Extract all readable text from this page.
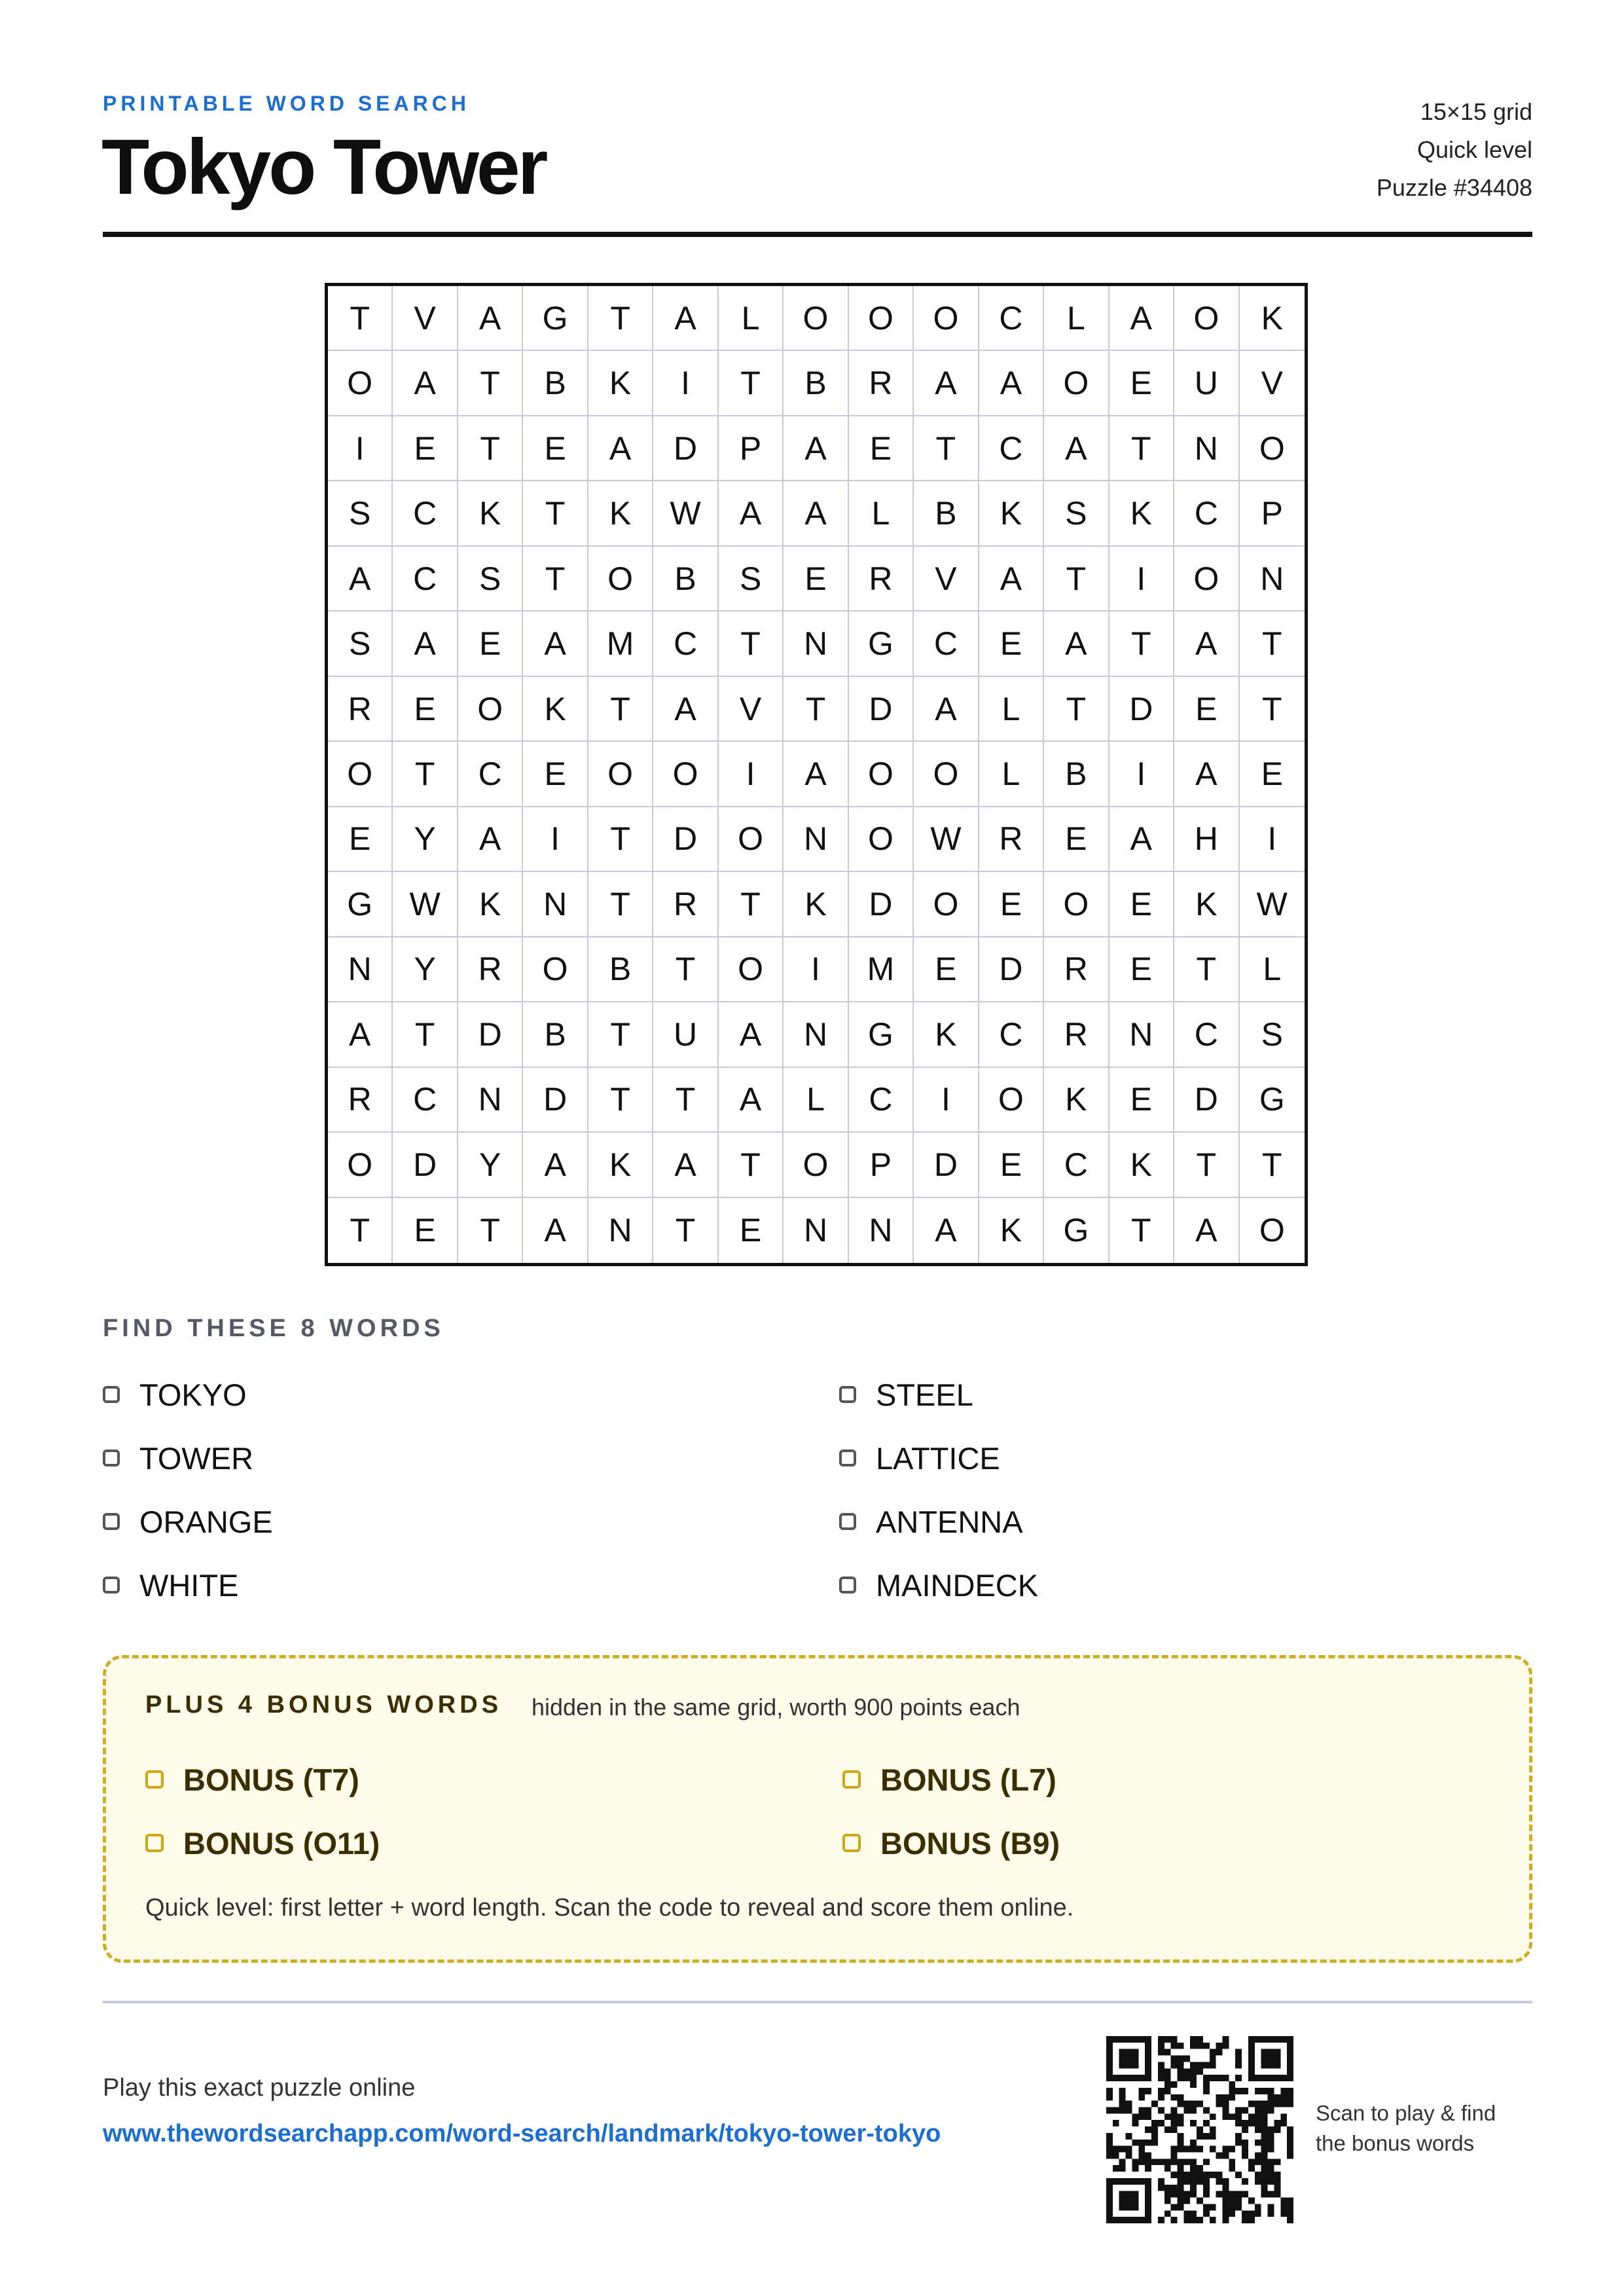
PRINTABLE WORD SEARCH
Tokyo Tower
15×15 grid
Quick level
Puzzle #34408
T	V	A	G	T	A	L	O	O	O	C	L	A	O	K
O	A	T	B	K	I	T	B	R	A	A	O	E	U	V
I	E	T	E	A	D	P	A	E	T	C	A	T	N	O
S	C	K	T	K	W	A	A	L	B	K	S	K	C	P
A	C	S	T	O	B	S	E	R	V	A	T	I	O	N
S	A	E	A	M	C	T	N	G	C	E	A	T	A	T
R	E	O	K	T	A	V	T	D	A	L	T	D	E	T
O	T	C	E	O	O	I	A	O	O	L	B	I	A	E
E	Y	A	I	T	D	O	N	O	W	R	E	A	H	I
G	W	K	N	T	R	T	K	D	O	E	O	E	K	W
N	Y	R	O	B	T	O	I	M	E	D	R	E	T	L
A	T	D	B	T	U	A	N	G	K	C	R	N	C	S
R	C	N	D	T	T	A	L	C	I	O	K	E	D	G
O	D	Y	A	K	A	T	O	P	D	E	C	K	T	T
T	E	T	A	N	T	E	N	N	A	K	G	T	A	O
FIND THESE 8 WORDS
TOKYO
TOWER
ORANGE
WHITE
STEEL
LATTICE
ANTENNA
MAINDECK
PLUS 4 BONUS WORDS hidden in the same grid, worth 900 points each
BONUS (T7)	BONUS (L7)
BONUS (O11)	BONUS (B9)
Quick level: first letter + word length. Scan the code to reveal and score them online.
Play this exact puzzle online
www.thewordsearchapp.com/word-search/landmark/tokyo-tower-tokyo
Scan to play & find the bonus words
